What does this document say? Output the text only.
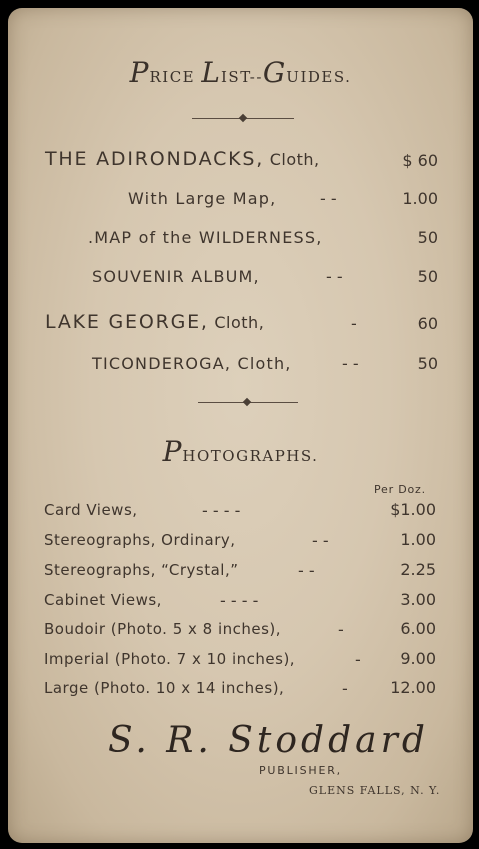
PRICE LIST--GUIDES.
THE ADIRONDACKS, Cloth,	$ 60
With Large Map,	- -	1.00
.MAP of the WILDERNESS,	50
SOUVENIR ALBUM,	- -	50
LAKE GEORGE, Cloth,	-	60
TICONDEROGA, Cloth,	- -	50
PHOTOGRAPHS.
Per Doz.
Card Views,	- - - -	$1.00
Stereographs, Ordinary,	- -	1.00
Stereographs, “Crystal,”	- -	2.25
Cabinet Views,	- - - -	3.00
Boudoir (Photo. 5 x 8 inches),	-	6.00
Imperial (Photo. 7 x 10 inches),	-	9.00
Large (Photo. 10 x 14 inches),	-	12.00
S. R. Stoddard
PUBLISHER,
GLENS FALLS, N. Y.
